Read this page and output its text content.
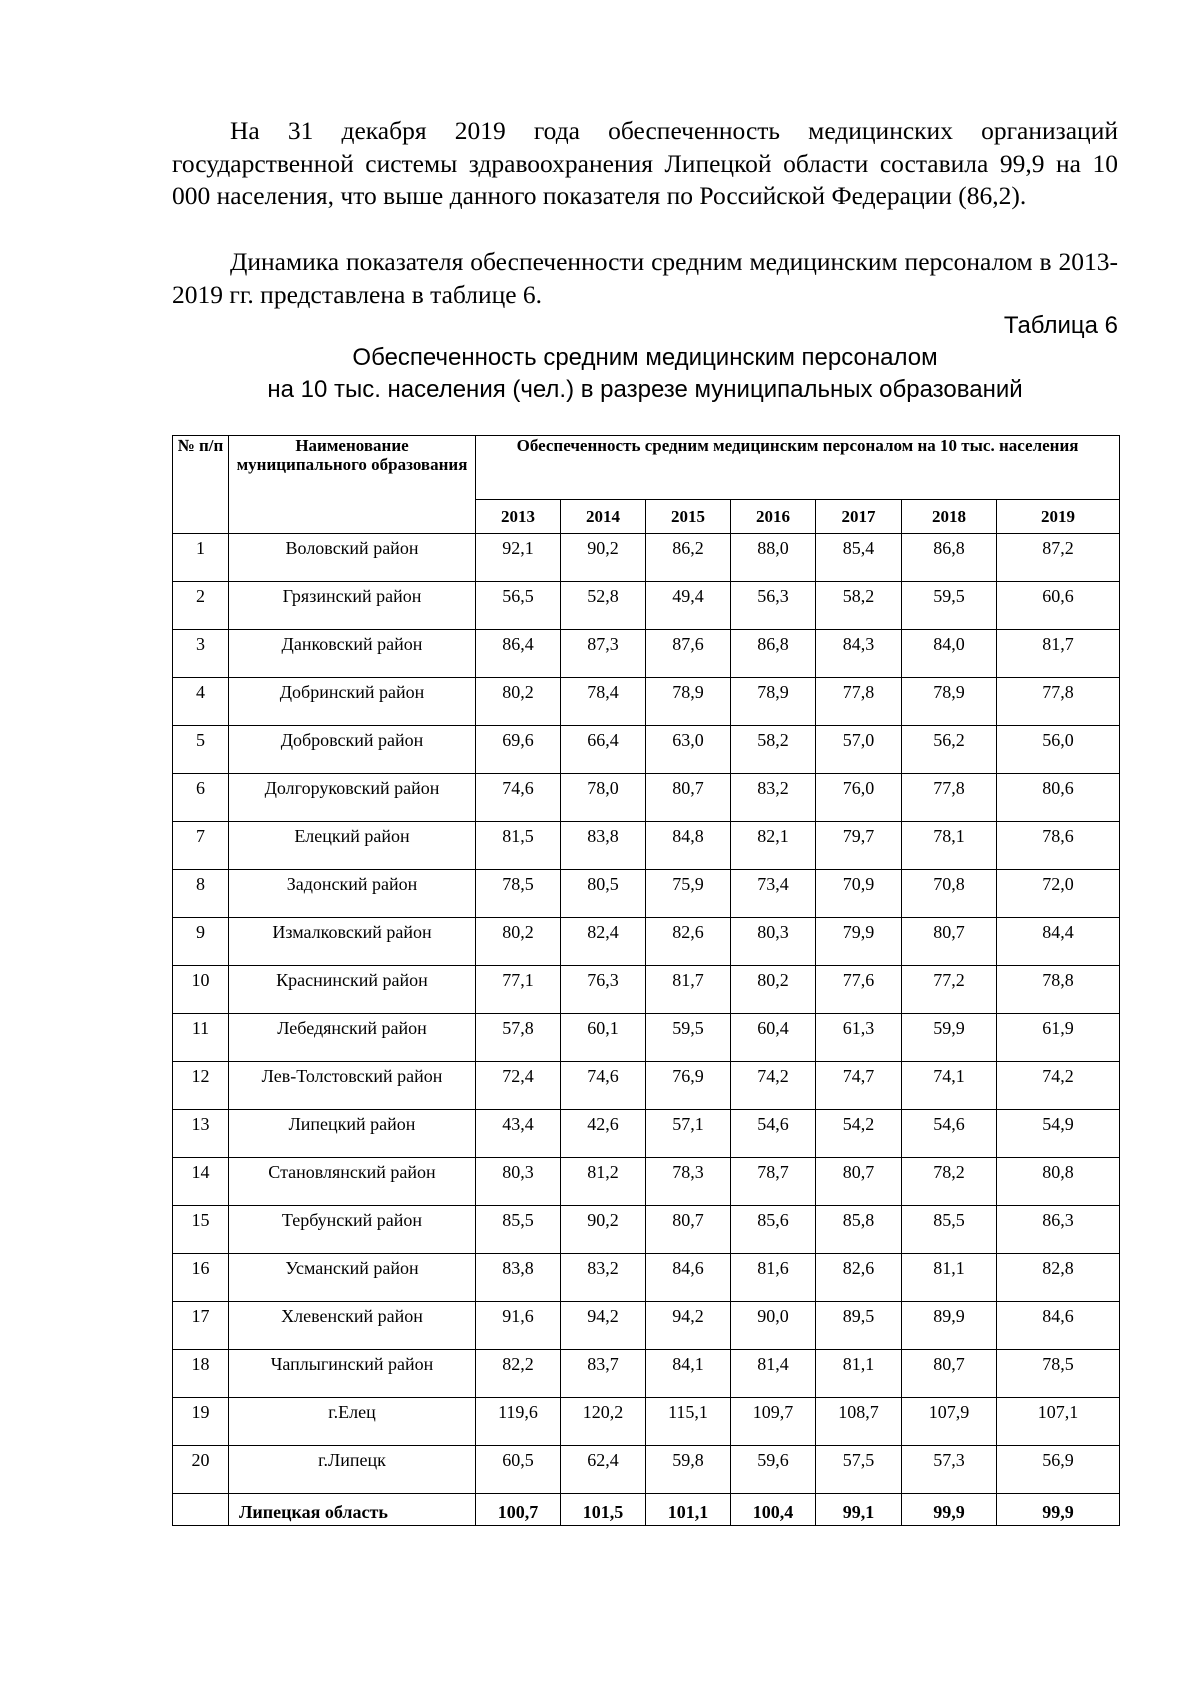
На 31 декабря 2019 года обеспеченность медицинских организаций государственной системы здравоохранения Липецкой области составила 99,9 на 10 000 населения, что выше данного показателя по Российской Федерации (86,2).

Динамика показателя обеспеченности средним медицинским персоналом в 2013-2019 гг. представлена в таблице 6.

Таблица 6

Обеспеченность средним медицинским персоналом
на 10 тыс. населения (чел.) в разрезе муниципальных образований
№ п/п	Наименование муниципального образования	Обеспеченность средним медицинским персоналом на 10 тыс. населения						
		2013	2014	2015	2016	2017	2018	2019
1	Воловский район	92,1	90,2	86,2	88,0	85,4	86,8	87,2
2	Грязинский район	56,5	52,8	49,4	56,3	58,2	59,5	60,6
3	Данковский район	86,4	87,3	87,6	86,8	84,3	84,0	81,7
4	Добринский район	80,2	78,4	78,9	78,9	77,8	78,9	77,8
5	Добровский район	69,6	66,4	63,0	58,2	57,0	56,2	56,0
6	Долгоруковский район	74,6	78,0	80,7	83,2	76,0	77,8	80,6
7	Елецкий район	81,5	83,8	84,8	82,1	79,7	78,1	78,6
8	Задонский район	78,5	80,5	75,9	73,4	70,9	70,8	72,0
9	Измалковский район	80,2	82,4	82,6	80,3	79,9	80,7	84,4
10	Краснинский район	77,1	76,3	81,7	80,2	77,6	77,2	78,8
11	Лебедянский район	57,8	60,1	59,5	60,4	61,3	59,9	61,9
12	Лев-Толстовский район	72,4	74,6	76,9	74,2	74,7	74,1	74,2
13	Липецкий район	43,4	42,6	57,1	54,6	54,2	54,6	54,9
14	Становлянский район	80,3	81,2	78,3	78,7	80,7	78,2	80,8
15	Тербунский район	85,5	90,2	80,7	85,6	85,8	85,5	86,3
16	Усманский район	83,8	83,2	84,6	81,6	82,6	81,1	82,8
17	Хлевенский район	91,6	94,2	94,2	90,0	89,5	89,9	84,6
18	Чаплыгинский район	82,2	83,7	84,1	81,4	81,1	80,7	78,5
19	г.Елец	119,6	120,2	115,1	109,7	108,7	107,9	107,1
20	г.Липецк	60,5	62,4	59,8	59,6	57,5	57,3	56,9
	Липецкая область	100,7	101,5	101,1	100,4	99,1	99,9	99,9
